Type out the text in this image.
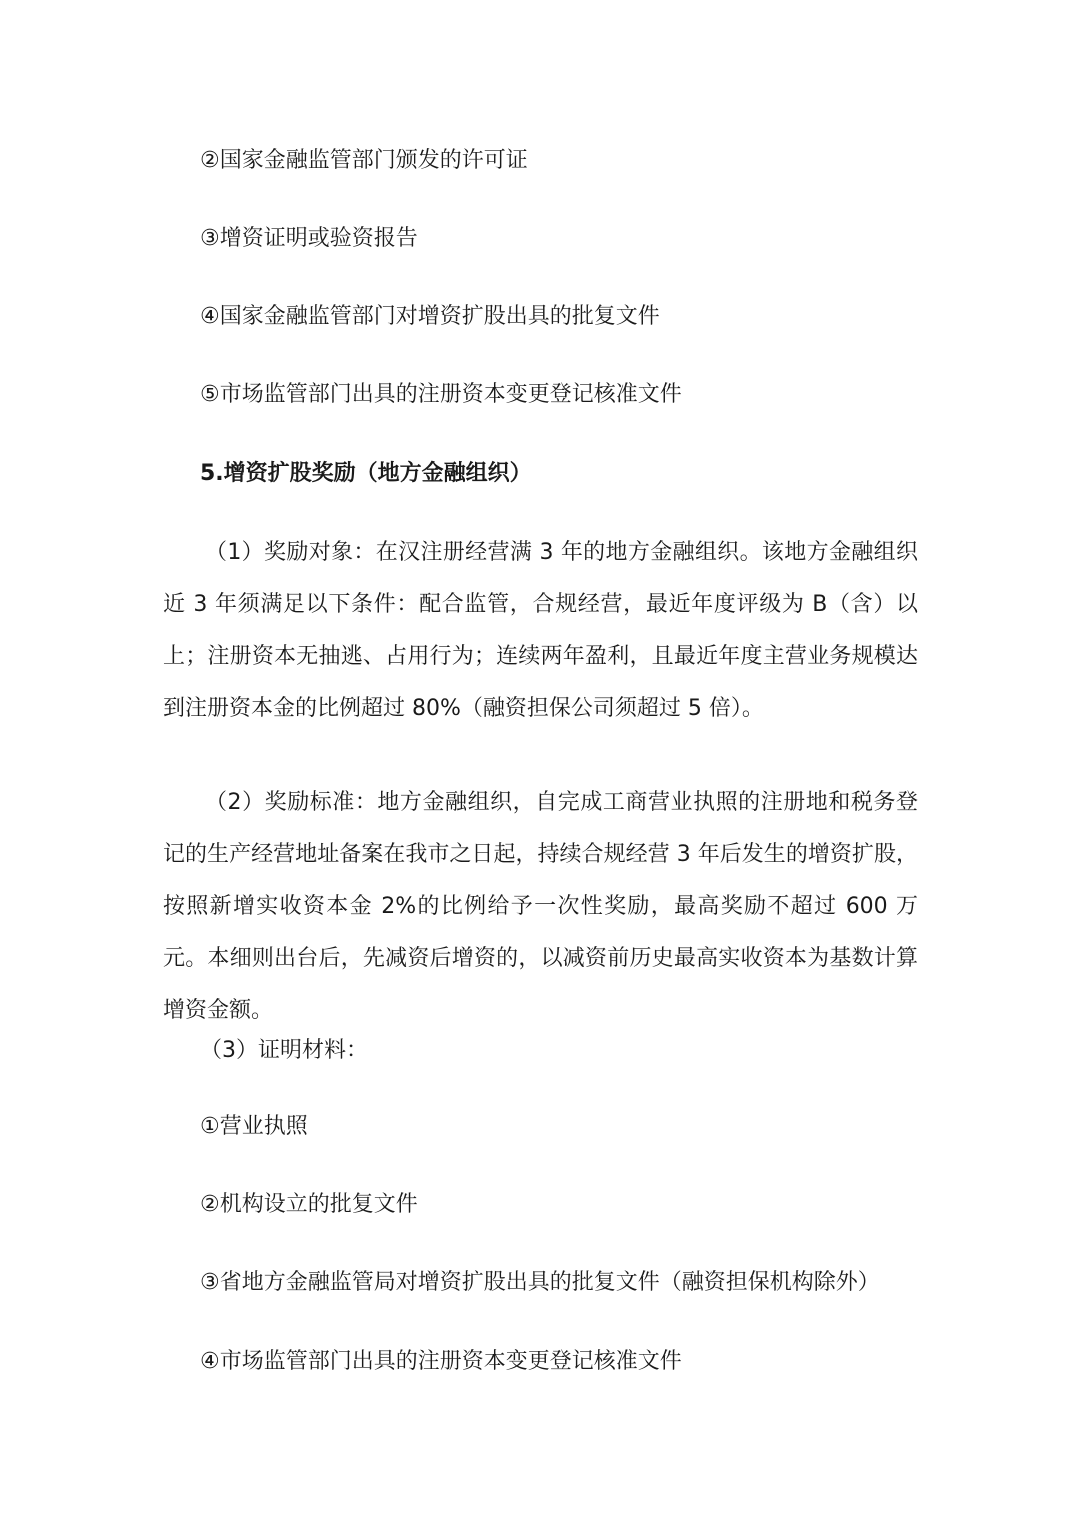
②国家金融监管部门颁发的许可证

③增资证明或验资报告

④国家金融监管部门对增资扩股出具的批复文件

⑤市场监管部门出具的注册资本变更登记核准文件

5.增资扩股奖励（地方金融组织）

（1）奖励对象：在汉注册经营满 3 年的地方金融组织。该地方金融组织近 3 年须满足以下条件：配合监管，合规经营，最近年度评级为 B（含）以上；注册资本无抽逃、占用行为；连续两年盈利，且最近年度主营业务规模达到注册资本金的比例超过 80%（融资担保公司须超过 5 倍）。

（2）奖励标准：地方金融组织，自完成工商营业执照的注册地和税务登记的生产经营地址备案在我市之日起，持续合规经营 3 年后发生的增资扩股，按照新增实收资本金 2%的比例给予一次性奖励，最高奖励不超过 600 万元。本细则出台后，先减资后增资的，以减资前历史最高实收资本为基数计算增资金额。

（3）证明材料：

①营业执照

②机构设立的批复文件

③省地方金融监管局对增资扩股出具的批复文件（融资担保机构除外）

④市场监管部门出具的注册资本变更登记核准文件
